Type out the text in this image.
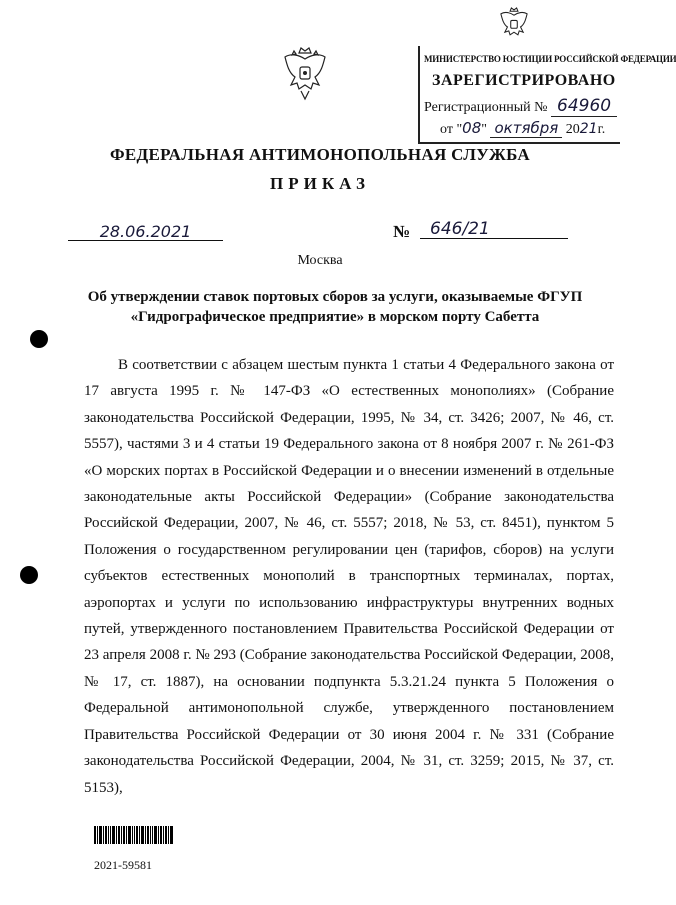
МИНИСТЕРСТВО ЮСТИЦИИ РОССИЙСКОЙ ФЕДЕРАЦИИ
ЗАРЕГИСТРИРОВАНО
Регистрационный № 64960
от "08" октября 2021г.
ФЕДЕРАЛЬНАЯ АНТИМОНОПОЛЬНАЯ СЛУЖБА
ПРИКАЗ
28.06.2021	№	646/21
Москва
Об утверждении ставок портовых сборов за услуги, оказываемые ФГУП «Гидрографическое предприятие» в морском порту Сабетта
В соответствии с абзацем шестым пункта 1 статьи 4 Федерального закона от 17 августа 1995 г. № 147-ФЗ «О естественных монополиях» (Собрание законодательства Российской Федерации, 1995, № 34, ст. 3426; 2007, № 46, ст. 5557), частями 3 и 4 статьи 19 Федерального закона от 8 ноября 2007 г. № 261-ФЗ «О морских портах в Российской Федерации и о внесении изменений в отдельные законодательные акты Российской Федерации» (Собрание законодательства Российской Федерации, 2007, № 46, ст. 5557; 2018, № 53, ст. 8451), пунктом 5 Положения о государственном регулировании цен (тарифов, сборов) на услуги субъектов естественных монополий в транспортных терминалах, портах, аэропортах и услуги по использованию инфраструктуры внутренних водных путей, утвержденного постановлением Правительства Российской Федерации от 23 апреля 2008 г. № 293 (Собрание законодательства Российской Федерации, 2008, № 17, ст. 1887), на основании подпункта 5.3.21.24 пункта 5 Положения о Федеральной антимонопольной службе, утвержденного постановлением Правительства Российской Федерации от 30 июня 2004 г. № 331 (Собрание законодательства Российской Федерации, 2004, № 31, ст. 3259; 2015, № 37, ст. 5153),
2021-59581
